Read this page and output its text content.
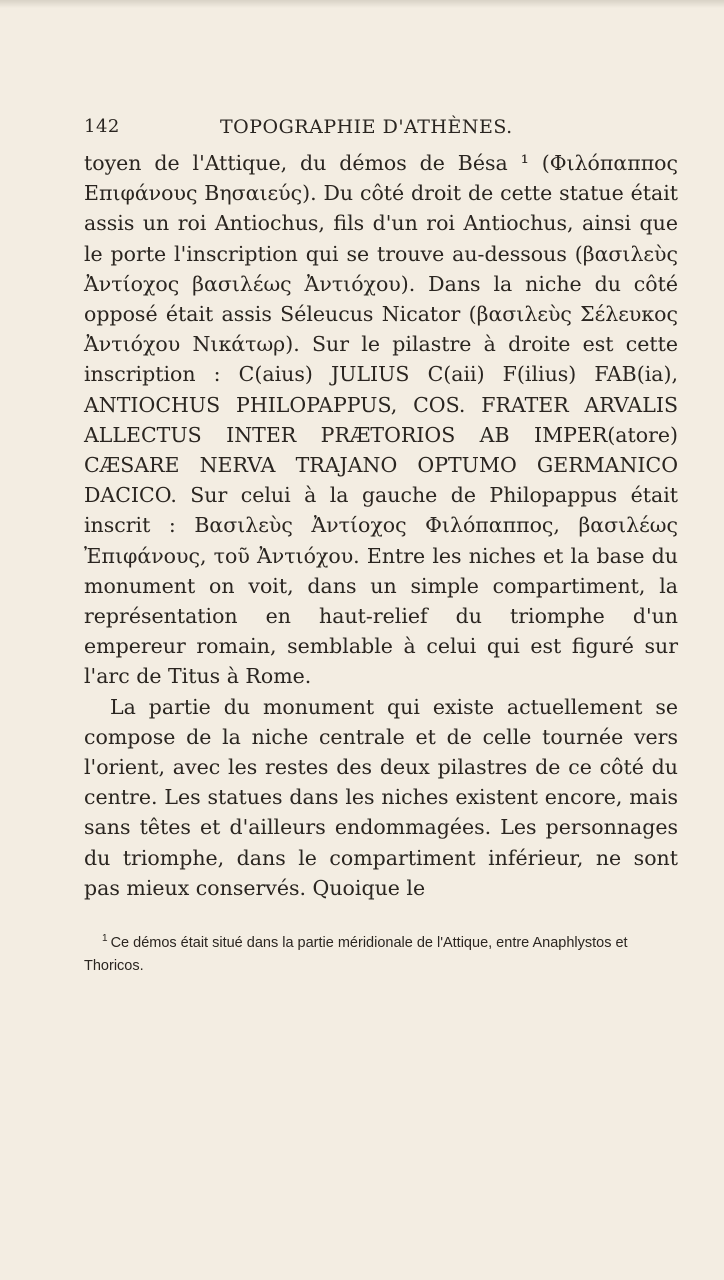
142	TOPOGRAPHIE D'ATHÈNES.

toyen de l'Attique, du démos de Bésa ¹ (Φιλόπαππος Επιφάνους Βησαιεύς). Du côté droit de cette statue était assis un roi Antiochus, fils d'un roi Antiochus, ainsi que le porte l'inscription qui se trouve au-dessous (βασιλεὺς Ἀντίοχος βασιλέως Ἀντιόχου). Dans la niche du côté opposé était assis Séleucus Nicator (βασιλεὺς Σέλευκος Ἀντιόχου Νικάτωρ). Sur le pilastre à droite est cette inscription : C(aius) JULIUS C(aii) F(ilius) FAB(ia), ANTIOCHUS PHILOPAPPUS, COS. FRATER ARVALIS ALLECTUS INTER PRÆTORIOS AB IMPER(atore) CÆSARE NERVA TRAJANO OPTUMO GERMANICO DACICO. Sur celui à la gauche de Philopappus était inscrit : Βασιλεὺς Ἀντίοχος Φιλόπαππος, βασιλέως Ἐπιφάνους, τοῦ Ἀντιόχου. Entre les niches et la base du monument on voit, dans un simple compartiment, la représentation en haut-relief du triomphe d'un empereur romain, semblable à celui qui est figuré sur l'arc de Titus à Rome.

La partie du monument qui existe actuellement se compose de la niche centrale et de celle tournée vers l'orient, avec les restes des deux pilastres de ce côté du centre. Les statues dans les niches existent encore, mais sans têtes et d'ailleurs endommagées. Les personnages du triomphe, dans le compartiment inférieur, ne sont pas mieux conservés. Quoique le

$^1$ Ce démos était situé dans la partie méridionale de l'Attique, entre Anaphlystos et Thoricos.
